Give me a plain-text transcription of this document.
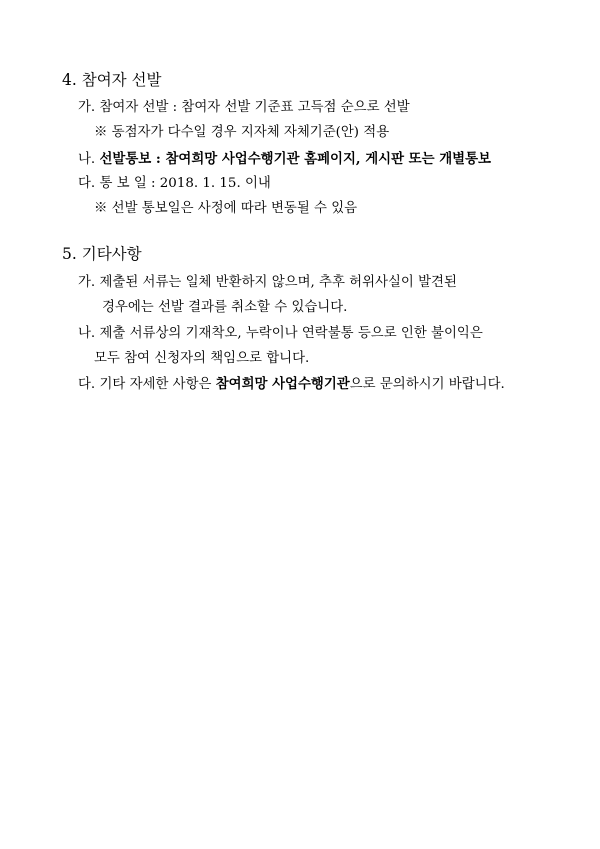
4. 참여자 선발
가. 참여자 선발 : 참여자 선발 기준표 고득점 순으로 선발
※ 동점자가 다수일 경우 지자체 자체기준(안) 적용
나. 선발통보 : 참여희망 사업수행기관 홈페이지, 게시판 또는 개별통보
다. 통 보 일 : 2018. 1. 15. 이내
※ 선발 통보일은 사정에 따라 변동될 수 있음
5. 기타사항
가. 제출된 서류는 일체 반환하지 않으며, 추후 허위사실이 발견된
경우에는 선발 결과를 취소할 수 있습니다.
나. 제출 서류상의 기재착오, 누락이나 연락불통 등으로 인한 불이익은
모두 참여 신청자의 책임으로 합니다.
다. 기타 자세한 사항은 참여희망 사업수행기관으로 문의하시기 바랍니다.
